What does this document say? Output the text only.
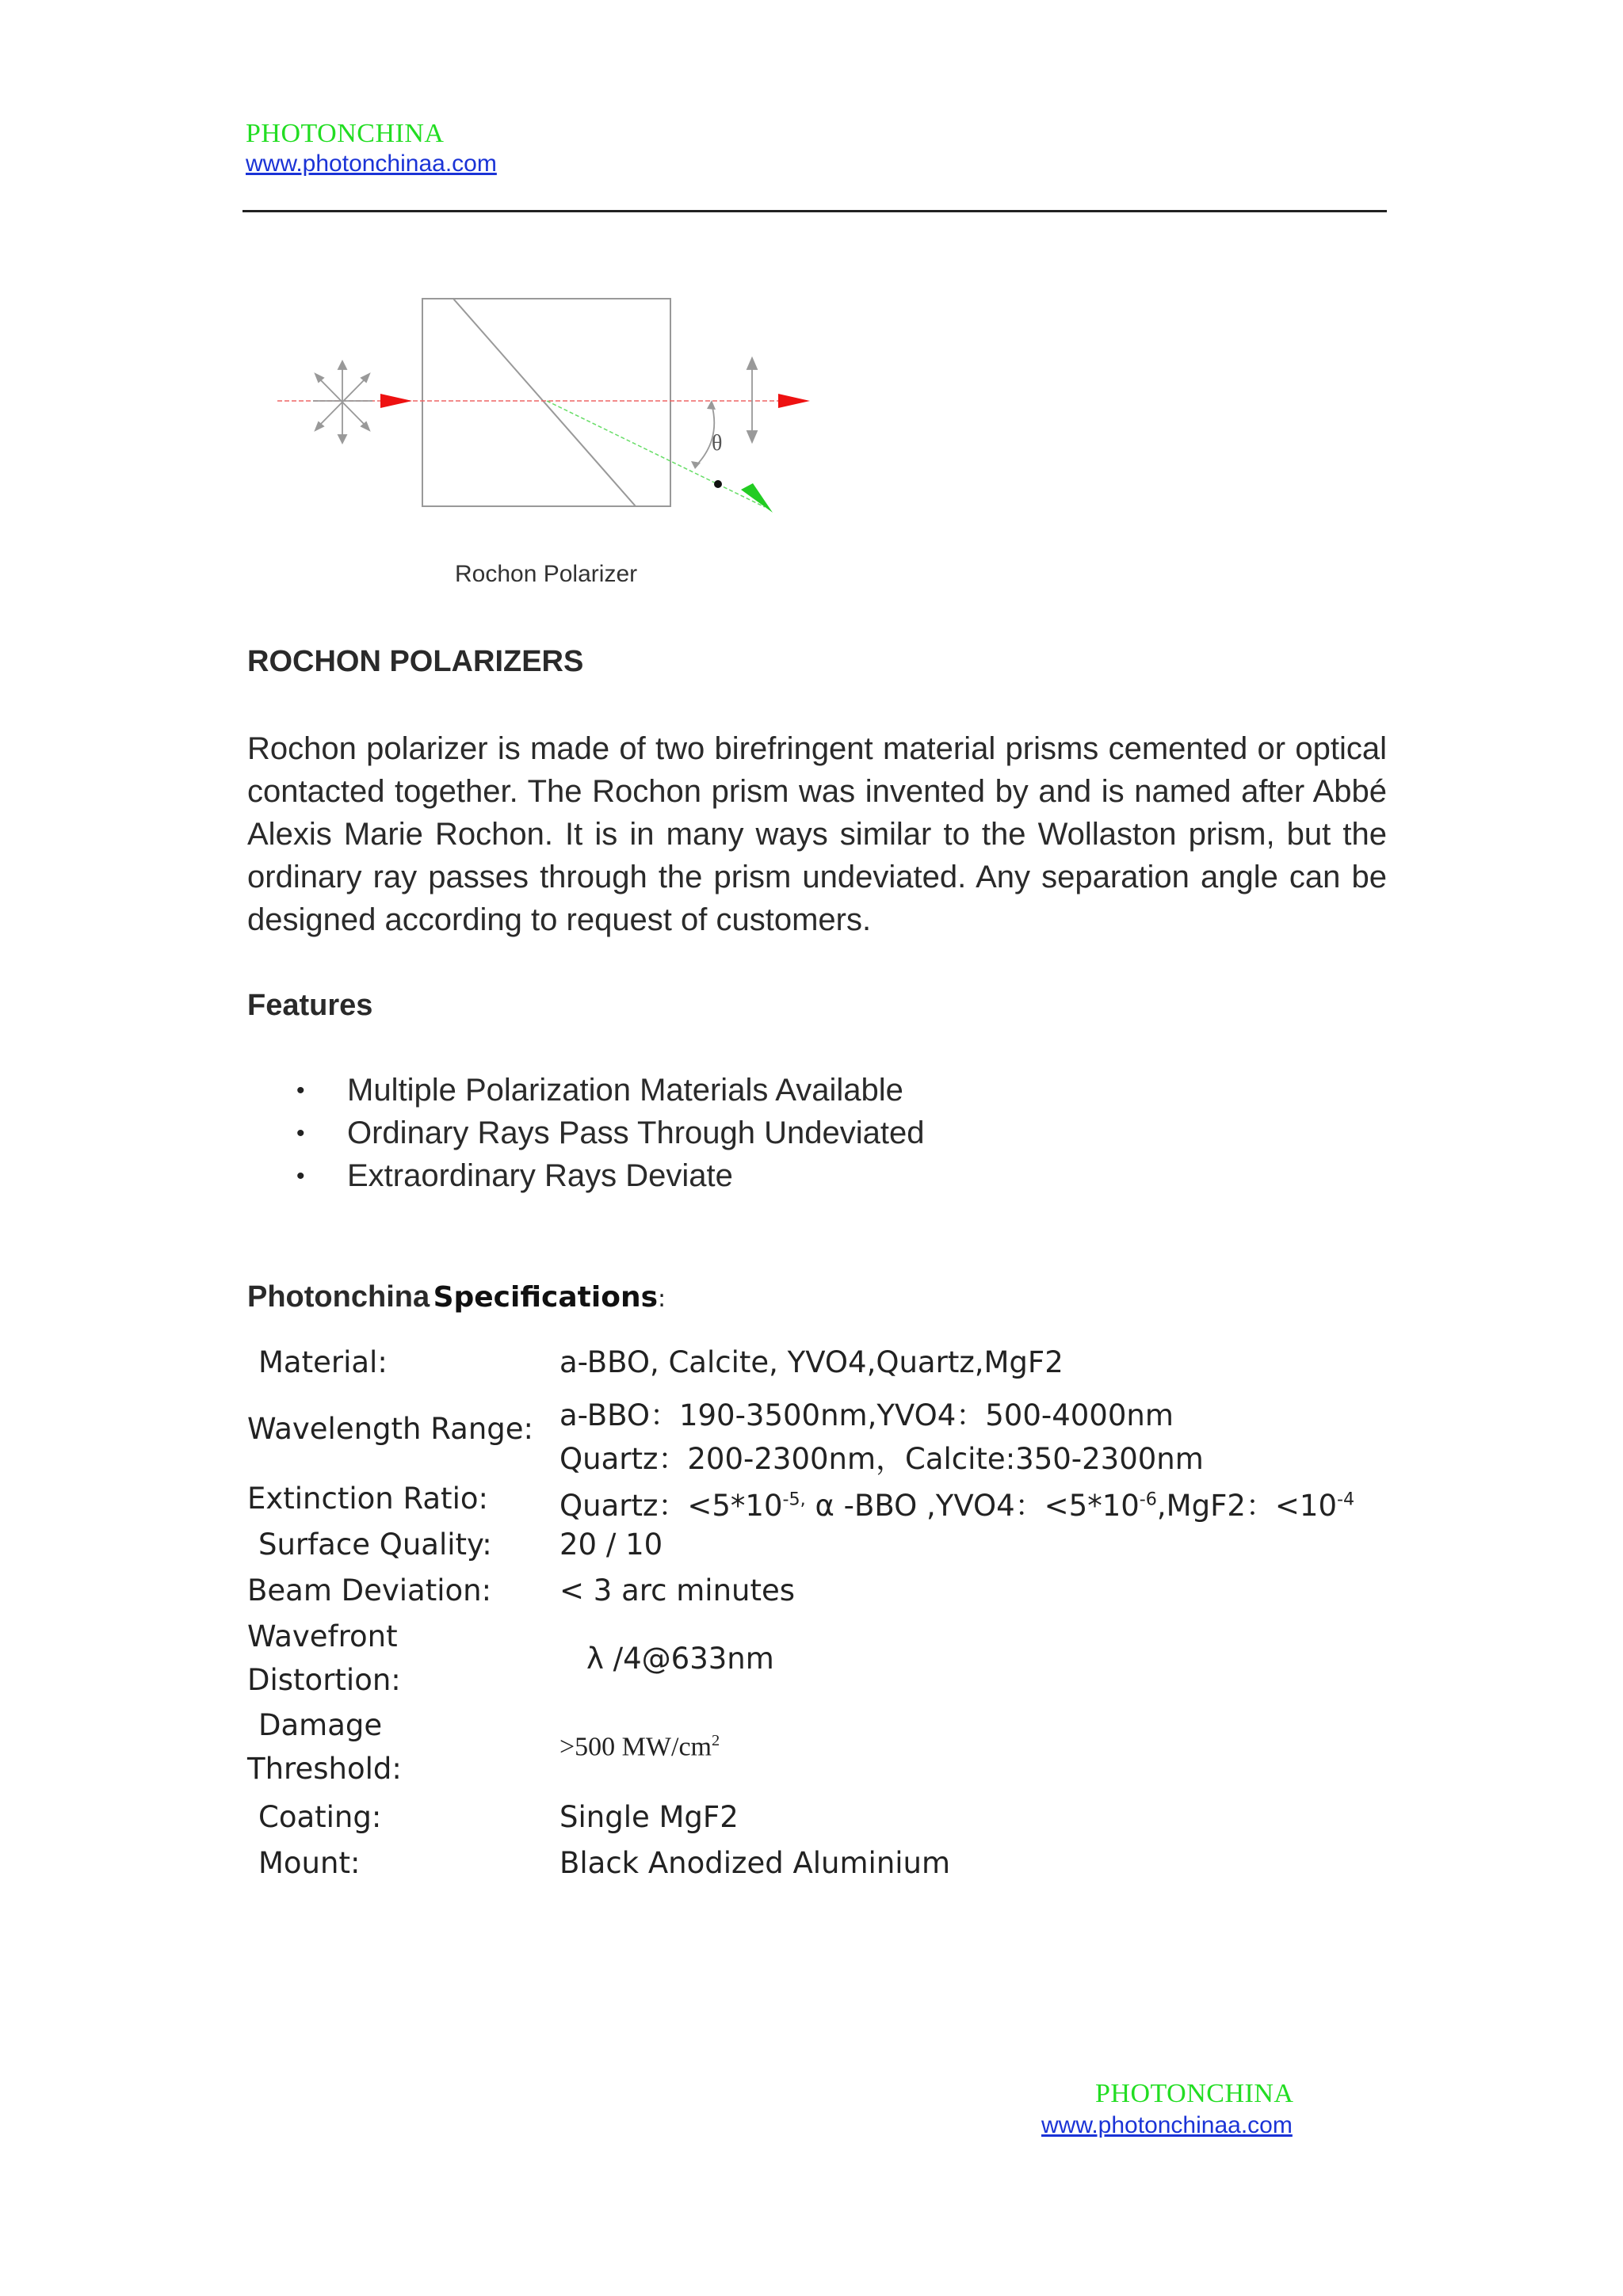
PHOTONCHINA
www.photonchinaa.com
θ
Rochon Polarizer
ROCHON POLARIZERS
Rochon polarizer is made of two birefringent material prisms cemented or optical contacted together. The Rochon prism was invented by and is named after Abbé Alexis Marie Rochon. It is in many ways similar to the Wollaston prism, but the ordinary ray passes through the prism undeviated. Any separation angle can be designed according to request of customers.
Features
• Multiple Polarization Materials Available
• Ordinary Rays Pass Through Undeviated
• Extraordinary Rays Deviate
Photonchina Specifications:
Material:	a-BBO, Calcite, YVO4,Quartz,MgF2
Wavelength Range: a-BBO：190-3500nm,YVO4：500-4000nm
Quartz：200-2300nm，Calcite:350-2300nm
Extinction Ratio: Quartz：$<5*10^{-5,}$ α -BBO ,YVO4：$<5*10^{-6},MgF2$：$<10^{-4}$
Surface Quality: 20 / 10
Beam Deviation: < 3 arc minutes
Wavefront
Distortion:
λ /4@633nm
Damage
Threshold:
>500 $MW/cm^2$
Coating:	Single MgF2
Mount:	Black Anodized Aluminium
PHOTONCHINA
www.photonchinaa.com
